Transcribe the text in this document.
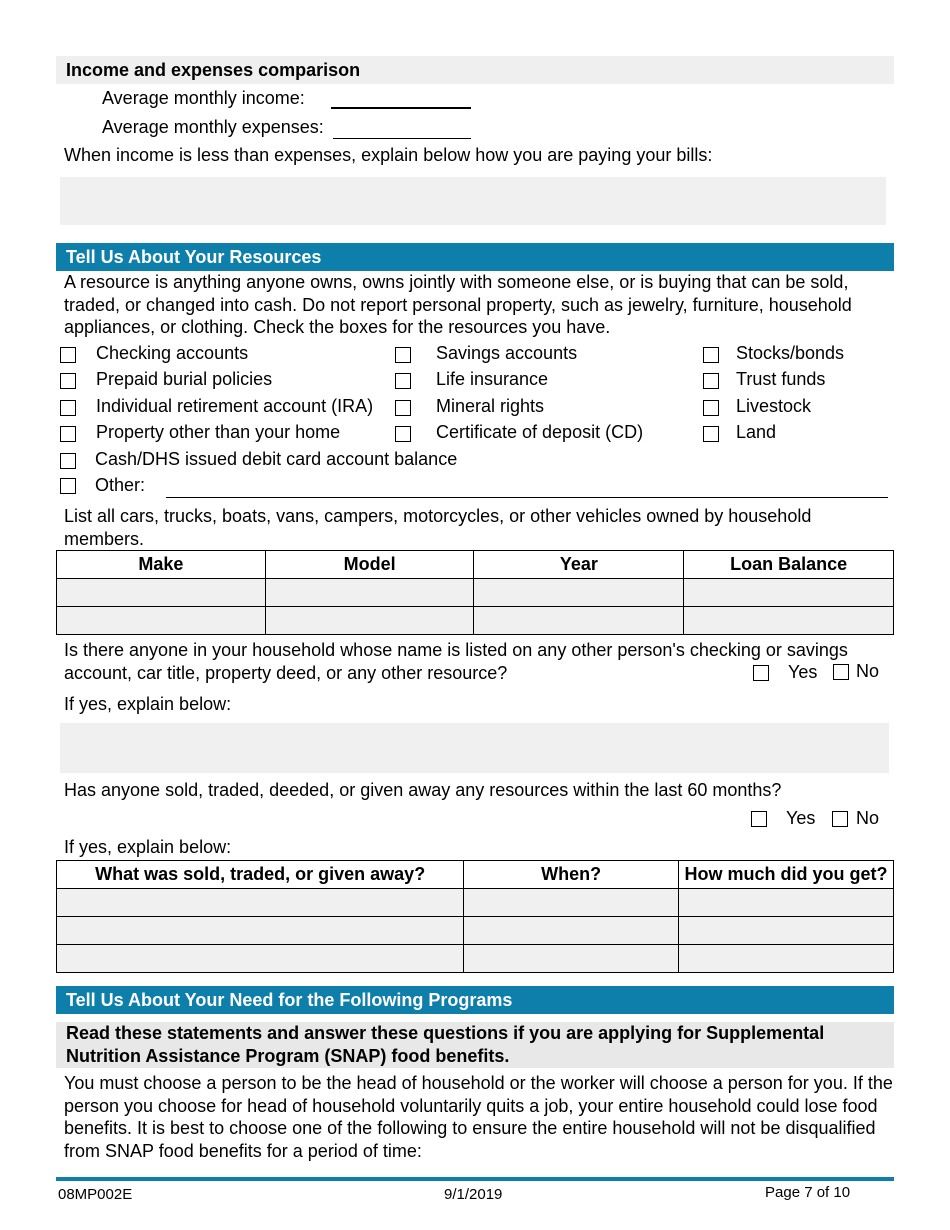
Income and expenses comparison
Average monthly income:
Average monthly expenses:
When income is less than expenses, explain below how you are paying your bills:
Tell Us About Your Resources
A resource is anything anyone owns, owns jointly with someone else, or is buying that can be sold, traded, or changed into cash. Do not report personal property, such as jewelry, furniture, household appliances, or clothing. Check the boxes for the resources you have.
Checking accounts
Prepaid burial policies
Individual retirement account (IRA)
Property other than your home
Savings accounts
Life insurance
Mineral rights
Certificate of deposit (CD)
Stocks/bonds
Trust funds
Livestock
Land
Cash/DHS issued debit card account balance
Other:
List all cars, trucks, boats, vans, campers, motorcycles, or other vehicles owned by household members.
Make	Model	Year	Loan Balance

Is there anyone in your household whose name is listed on any other person's checking or savings account, car title, property deed, or any other resource?	Yes No
If yes, explain below:
Has anyone sold, traded, deeded, or given away any resources within the last 60 months?
Yes No
If yes, explain below:
What was sold, traded, or given away?	When?	How much did you get?

Tell Us About Your Need for the Following Programs
Read these statements and answer these questions if you are applying for Supplemental Nutrition Assistance Program (SNAP) food benefits.
You must choose a person to be the head of household or the worker will choose a person for you. If the person you choose for head of household voluntarily quits a job, your entire household could lose food benefits. It is best to choose one of the following to ensure the entire household will not be disqualified from SNAP food benefits for a period of time:
08MP002E	9/1/2019	Page 7 of 10
